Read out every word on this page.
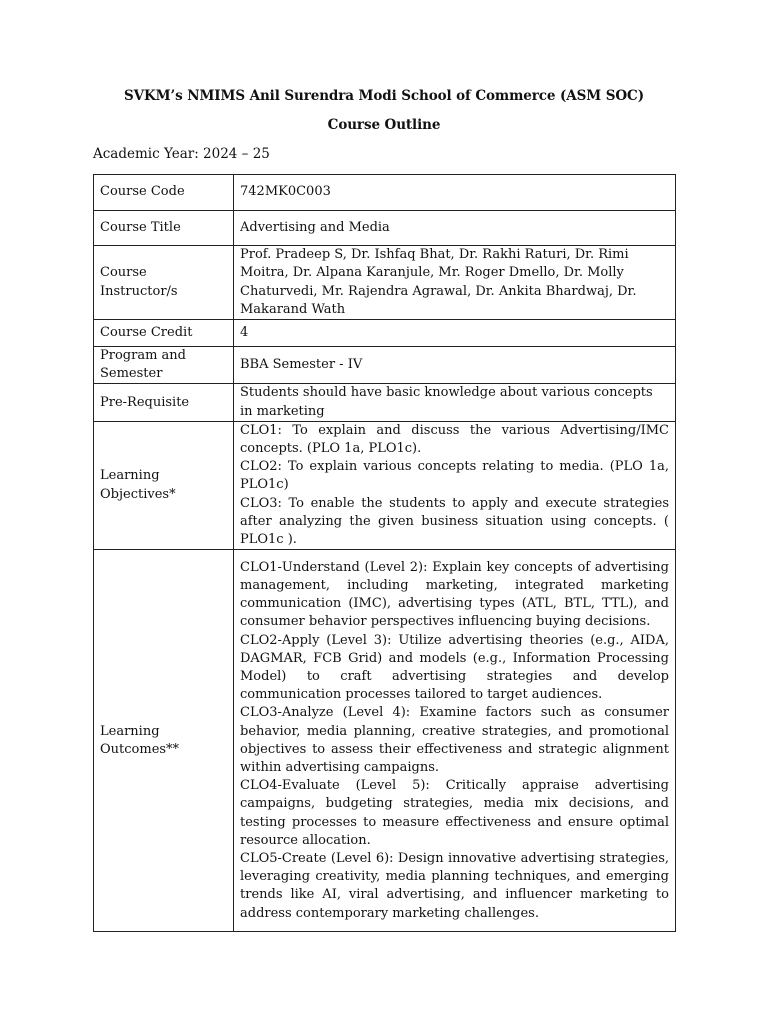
SVKM’s NMIMS Anil Surendra Modi School of Commerce (ASM SOC)
Course Outline
Academic Year: 2024 – 25
Course Code	742MK0C003
Course Title	Advertising and Media
Course Instructor/s	Prof. Pradeep S, Dr. Ishfaq Bhat, Dr. Rakhi Raturi, Dr. Rimi Moitra, Dr. Alpana Karanjule, Mr. Roger Dmello, Dr. Molly Chaturvedi, Mr. Rajendra Agrawal, Dr. Ankita Bhardwaj, Dr. Makarand Wath
Course Credit	4
Program and Semester	BBA Semester - IV
Pre-Requisite	Students should have basic knowledge about various concepts in marketing
Learning Objectives*	CLO1: To explain and discuss the various Advertising/IMC concepts. (PLO 1a, PLO1c).
CLO2: To explain various concepts relating to media. (PLO 1a, PLO1c)
CLO3: To enable the students to apply and execute strategies after analyzing the given business situation using concepts. ( PLO1c ).

Learning Outcomes**	CLO1-Understand (Level 2): Explain key concepts of advertising management, including marketing, integrated marketing communication (IMC), advertising types (ATL, BTL, TTL), and consumer behavior perspectives influencing buying decisions.
CLO2-Apply (Level 3): Utilize advertising theories (e.g., AIDA, DAGMAR, FCB Grid) and models (e.g., Information Processing Model) to craft advertising strategies and develop communication processes tailored to target audiences.
CLO3-Analyze (Level 4): Examine factors such as consumer behavior, media planning, creative strategies, and promotional objectives to assess their effectiveness and strategic alignment within advertising campaigns.
CLO4-Evaluate (Level 5): Critically appraise advertising campaigns, budgeting strategies, media mix decisions, and testing processes to measure effectiveness and ensure optimal resource allocation.
CLO5-Create (Level 6): Design innovative advertising strategies, leveraging creativity, media planning techniques, and emerging trends like AI, viral advertising, and influencer marketing to address contemporary marketing challenges.
